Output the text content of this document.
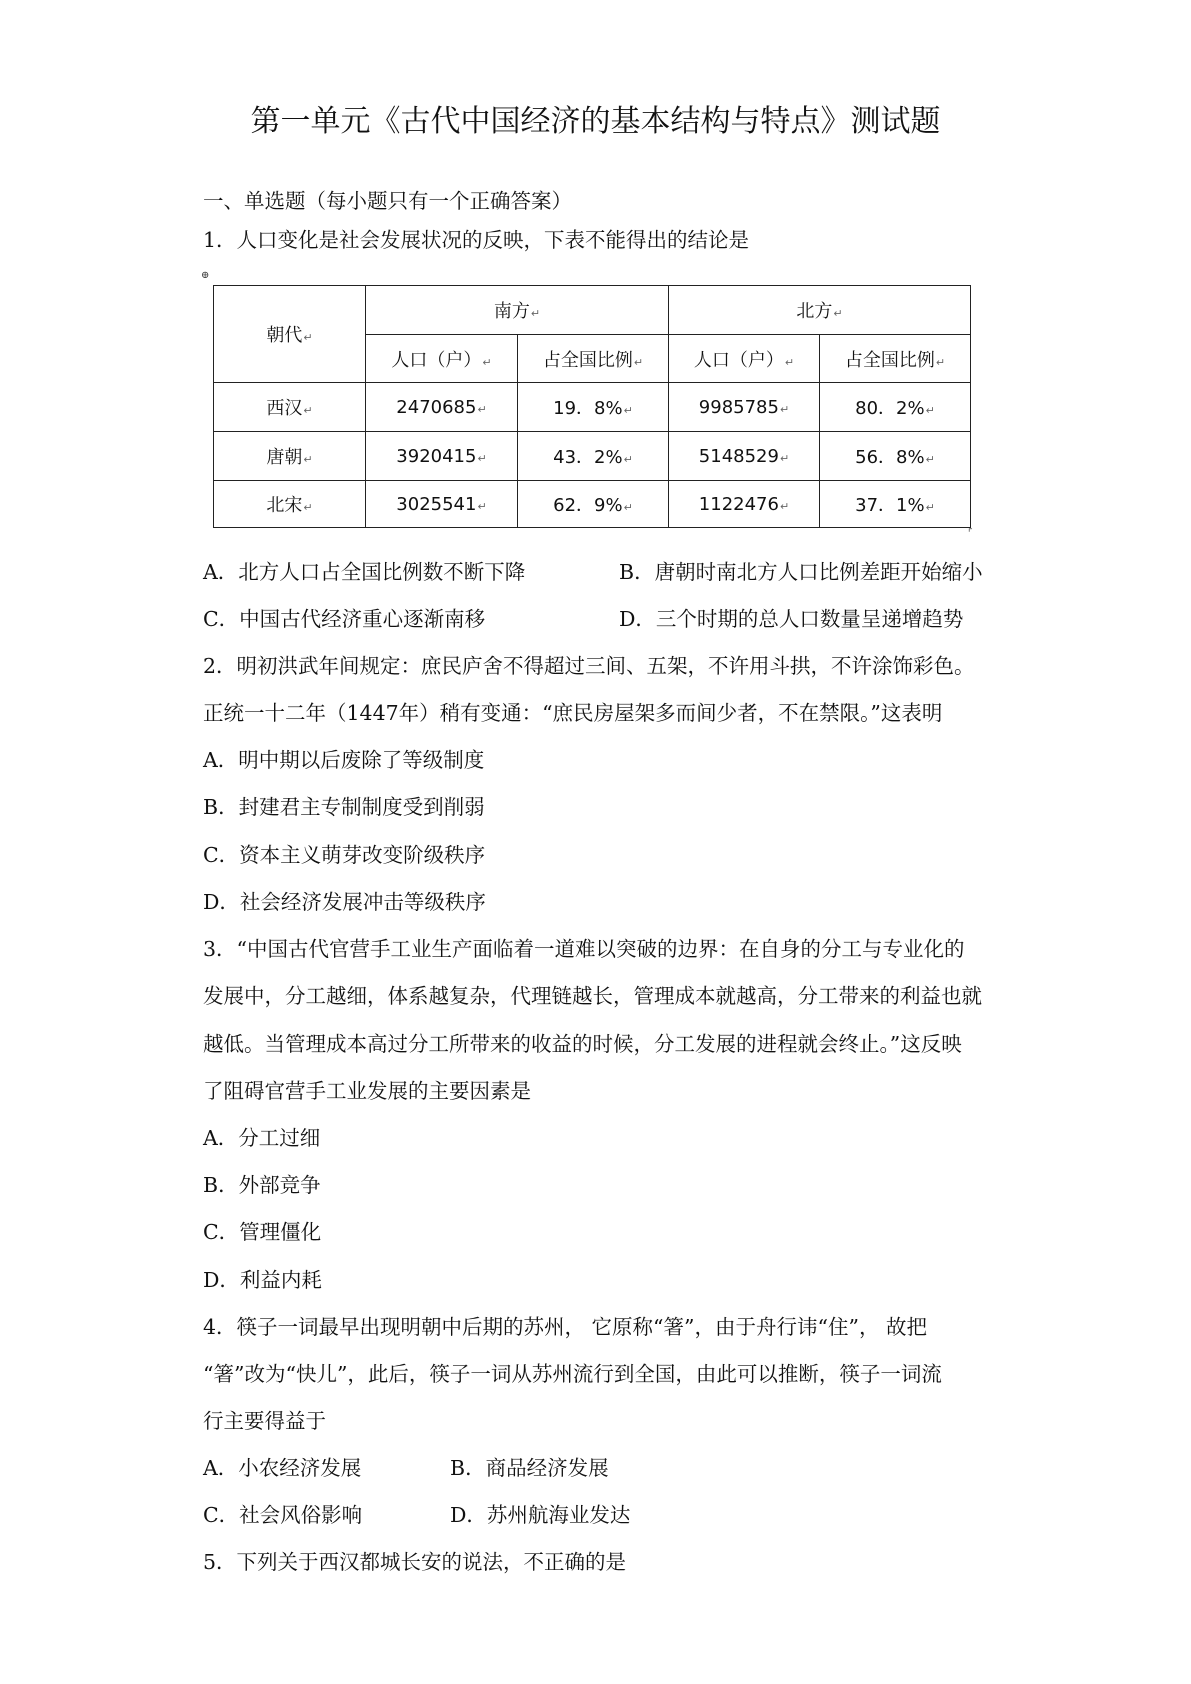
第一单元《古代中国经济的基本结构与特点》测试题
一、单选题（每小题只有一个正确答案）
1．人口变化是社会发展状况的反映，下表不能得出的结论是
⊕
朝代 ↵	南方 ↵		北方 ↵
	人口（户） ↵	占全国比例 ↵	人口（户） ↵	占全国比例 ↵
西汉 ↵	2470685 ↵	19．8% ↵	9985785 ↵	80．2% ↵
唐朝 ↵	3920415 ↵	43．2% ↵	5148529 ↵	56．8% ↵
北宋 ↵	3025541 ↵	62．9% ↵	1122476 ↵	37．1% ↵
⌜
A．北方人口占全国比例数不断下降	B．唐朝时南北方人口比例差距开始缩小
C．中国古代经济重心逐渐南移	D．三个时期的总人口数量呈递增趋势
2．明初洪武年间规定：庶民庐舍不得超过三间、五架，不许用斗拱，不许涂饰彩色。
正统一十二年（1447年）稍有变通：“庶民房屋架多而间少者，不在禁限。”这表明
A．明中期以后废除了等级制度
B．封建君主专制制度受到削弱
C．资本主义萌芽改变阶级秩序
D．社会经济发展冲击等级秩序
3．“中国古代官营手工业生产面临着一道难以突破的边界：在自身的分工与专业化的
发展中，分工越细，体系越复杂，代理链越长，管理成本就越高，分工带来的利益也就
越低。当管理成本高过分工所带来的收益的时候，分工发展的进程就会终止。”这反映
了阻碍官营手工业发展的主要因素是
A．分工过细
B．外部竞争
C．管理僵化
D．利益内耗
4．筷子一词最早出现明朝中后期的苏州， 它原称“箸”，由于舟行讳“住”， 故把
“箸”改为“快儿”，此后，筷子一词从苏州流行到全国，由此可以推断，筷子一词流
行主要得益于
A．小农经济发展	B．商品经济发展
C．社会风俗影响	D．苏州航海业发达
5．下列关于西汉都城长安的说法，不正确的是
